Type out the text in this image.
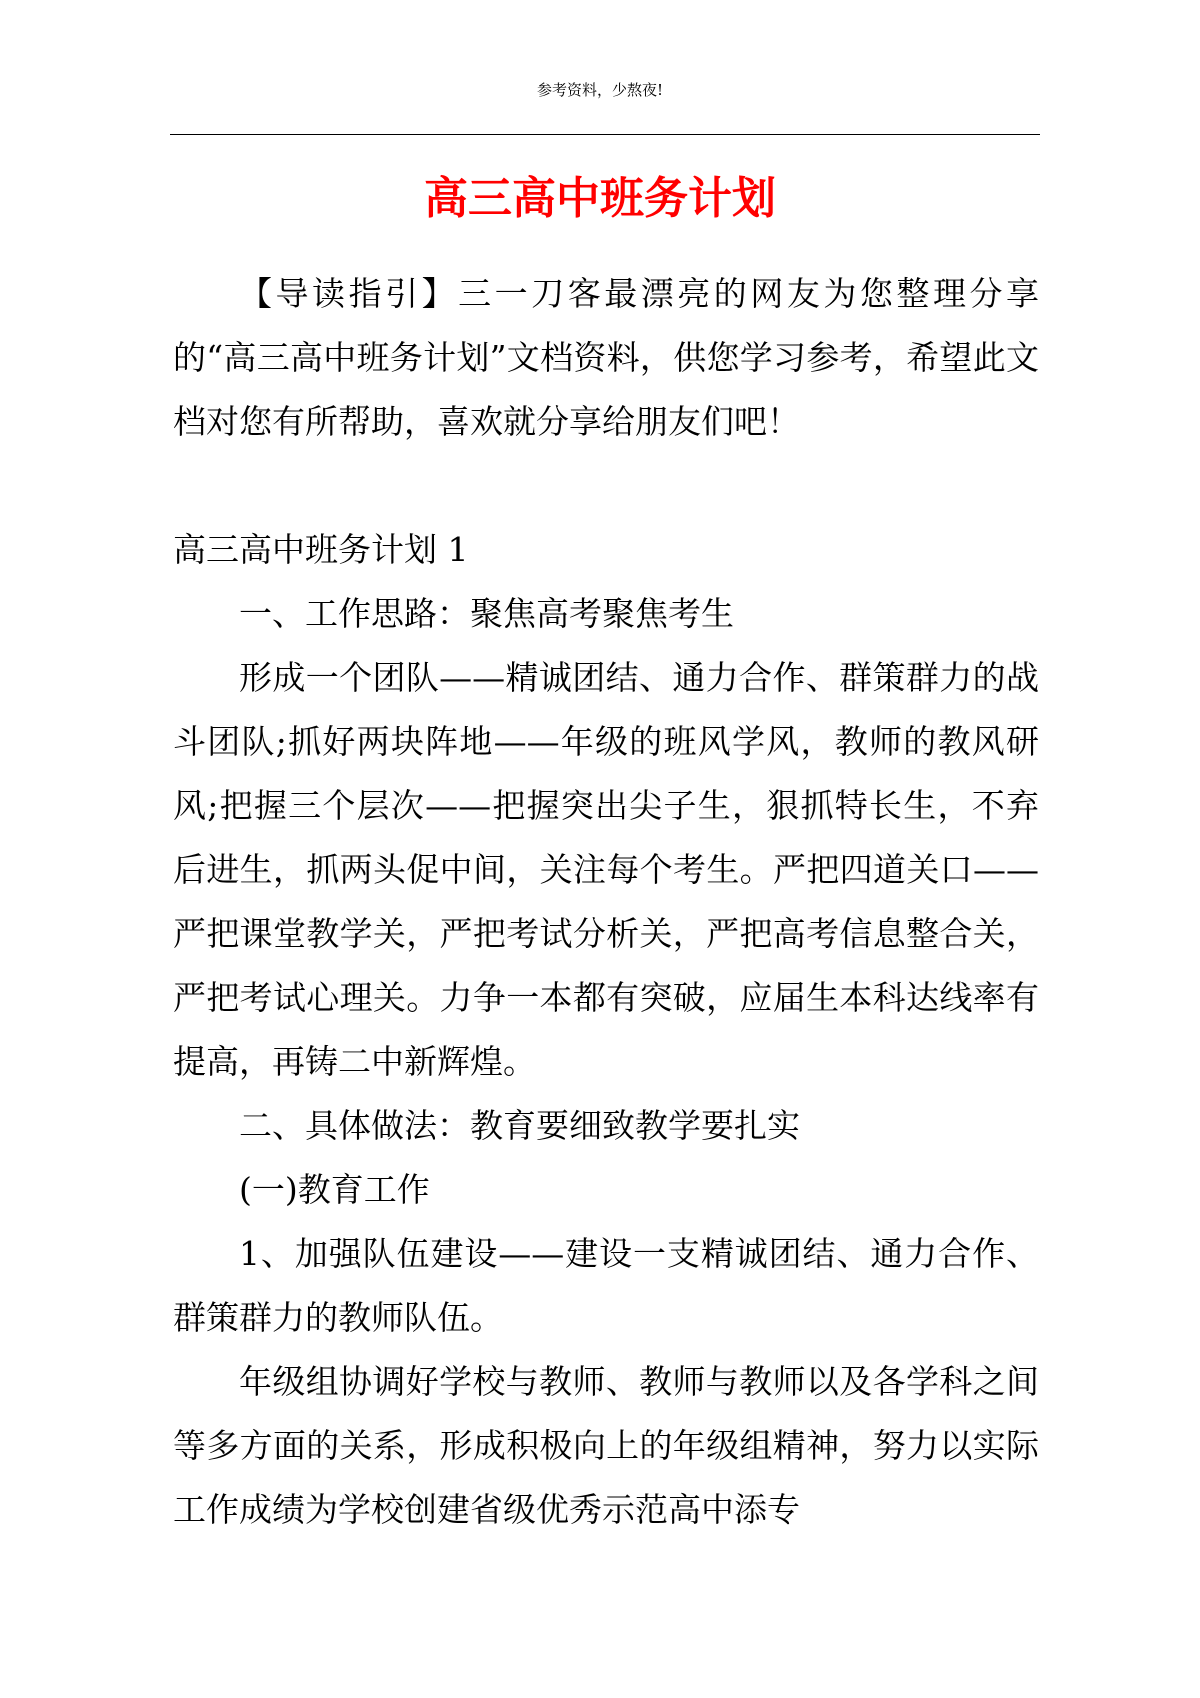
参考资料，少熬夜!
高三高中班务计划

【导读指引】三一刀客最漂亮的网友为您整理分享的“高三高中班务计划”文档资料，供您学习参考，希望此文档对您有所帮助，喜欢就分享给朋友们吧！

高三高中班务计划 1

一、工作思路：聚焦高考聚焦考生

形成一个团队——精诚团结、通力合作、群策群力的战斗团队;抓好两块阵地——年级的班风学风，教师的教风研风;把握三个层次——把握突出尖子生，狠抓特长生，不弃后进生，抓两头促中间，关注每个考生。严把四道关口——严把课堂教学关，严把考试分析关，严把高考信息整合关，严把考试心理关。力争一本都有突破，应届生本科达线率有提高，再铸二中新辉煌。

二、具体做法：教育要细致教学要扎实

(一)教育工作

1、加强队伍建设——建设一支精诚团结、通力合作、群策群力的教师队伍。

年级组协调好学校与教师、教师与教师以及各学科之间等多方面的关系，形成积极向上的年级组精神，努力以实际工作成绩为学校创建省级优秀示范高中添专
